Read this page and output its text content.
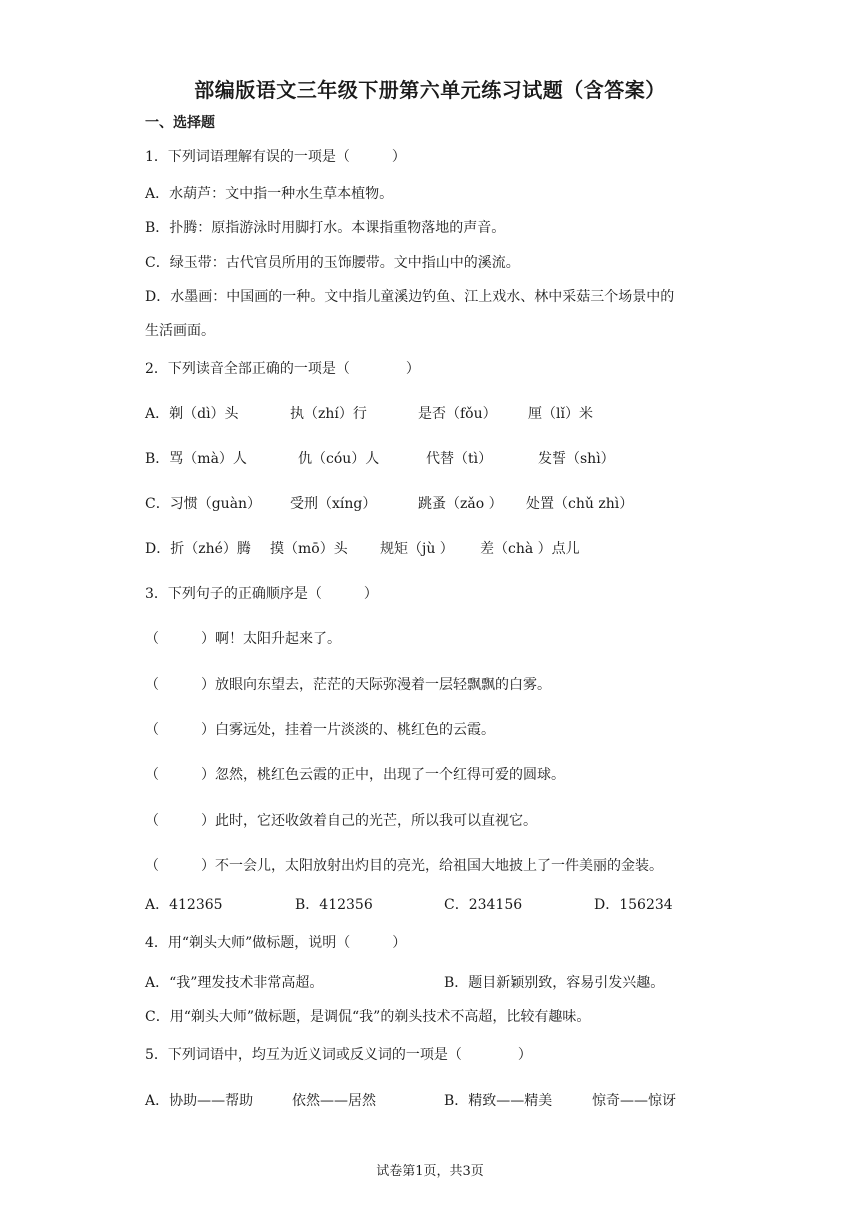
部编版语文三年级下册第六单元练习试题（含答案）
一、选择题
1．下列词语理解有误的一项是（　　　）
A．水葫芦：文中指一种水生草本植物。
B．扑腾：原指游泳时用脚打水。本课指重物落地的声音。
C．绿玉带：古代官员所用的玉饰腰带。文中指山中的溪流。
D．水墨画：中国画的一种。文中指儿童溪边钓鱼、江上戏水、林中采菇三个场景中的
生活画面。
2．下列读音全部正确的一项是（　　　　）
A．剃（dì）头	执（zhí）行	是否（fǒu） 厘（lǐ）米
B．骂（mà）人	仇（cóu）人	代替（tì）	发誓（shì）
C．习惯（guàn） 受刑（xíng）	跳蚤（zǎo ） 处置（chǔ zhì）
D．折（zhé）腾 摸（mō）头 规矩（jù ） 差（chà ）点儿
3．下列句子的正确顺序是（　　　）
（　　　）啊！太阳升起来了。
（　　　）放眼向东望去，茫茫的天际弥漫着一层轻飘飘的白雾。
（　　　）白雾远处，挂着一片淡淡的、桃红色的云霞。
（　　　）忽然，桃红色云霞的正中，出现了一个红得可爱的圆球。
（　　　）此时，它还收敛着自己的光芒，所以我可以直视它。
（　　　）不一会儿，太阳放射出灼目的亮光，给祖国大地披上了一件美丽的金装。
A．412365	B．412356	C．234156	D．156234
4．用“剃头大师”做标题，说明（　　　）
A．“我”理发技术非常高超。	B．题目新颖别致，容易引发兴趣。
C．用“剃头大师”做标题，是调侃“我”的剃头技术不高超，比较有趣味。
5．下列词语中，均互为近义词或反义词的一项是（　　　　）
A．协助——帮助	依然——居然	B．精致——精美	惊奇——惊讶
试卷第1页，共3页
